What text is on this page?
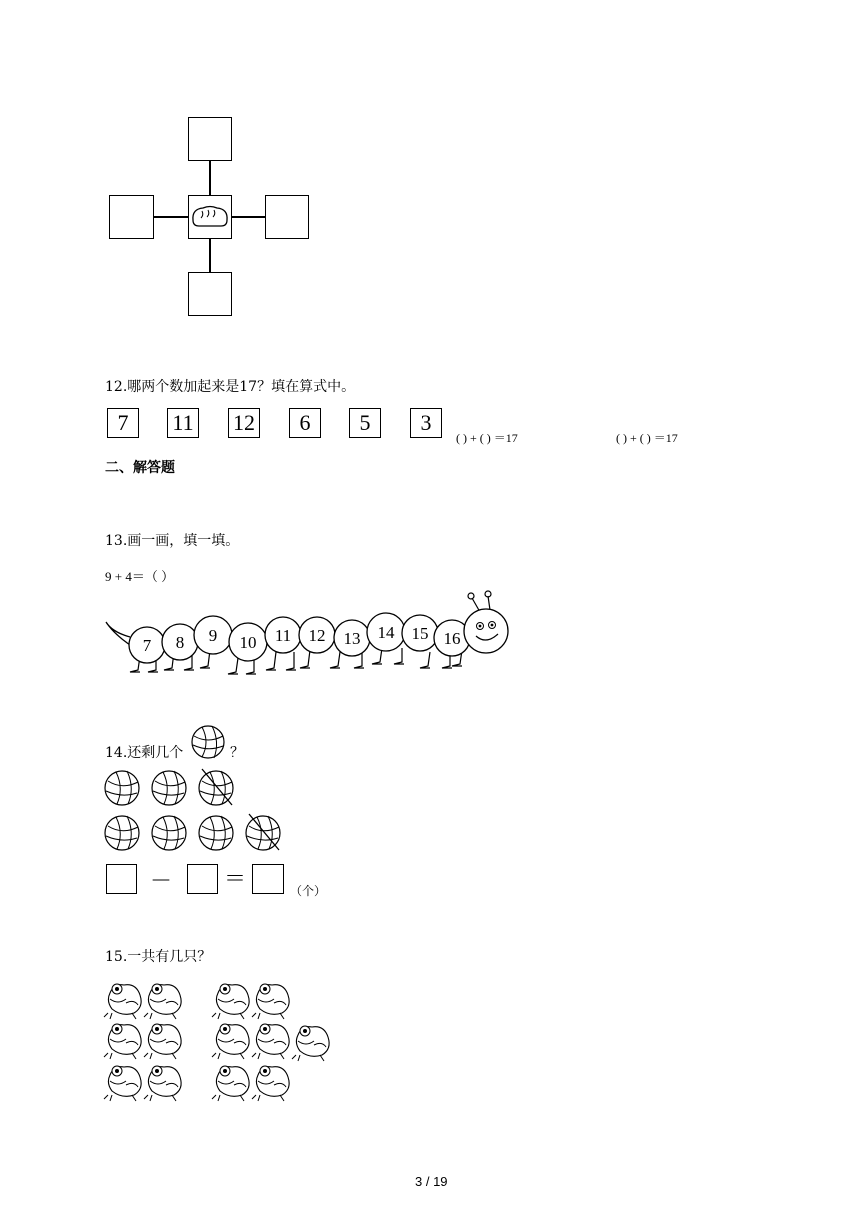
12.哪两个数加起来是17？填在算式中。
7	11 12	6	5	3
( ) + ( ) ＝17	( ) + ( ) ＝17
二、解答题
13.画一画，填一填。
9 + 4＝（ ）
7 8 9 10 11 12 13 14 15 16
14.还剩几个	？
－ ＝	（个）
15.一共有几只？
3 / 19
